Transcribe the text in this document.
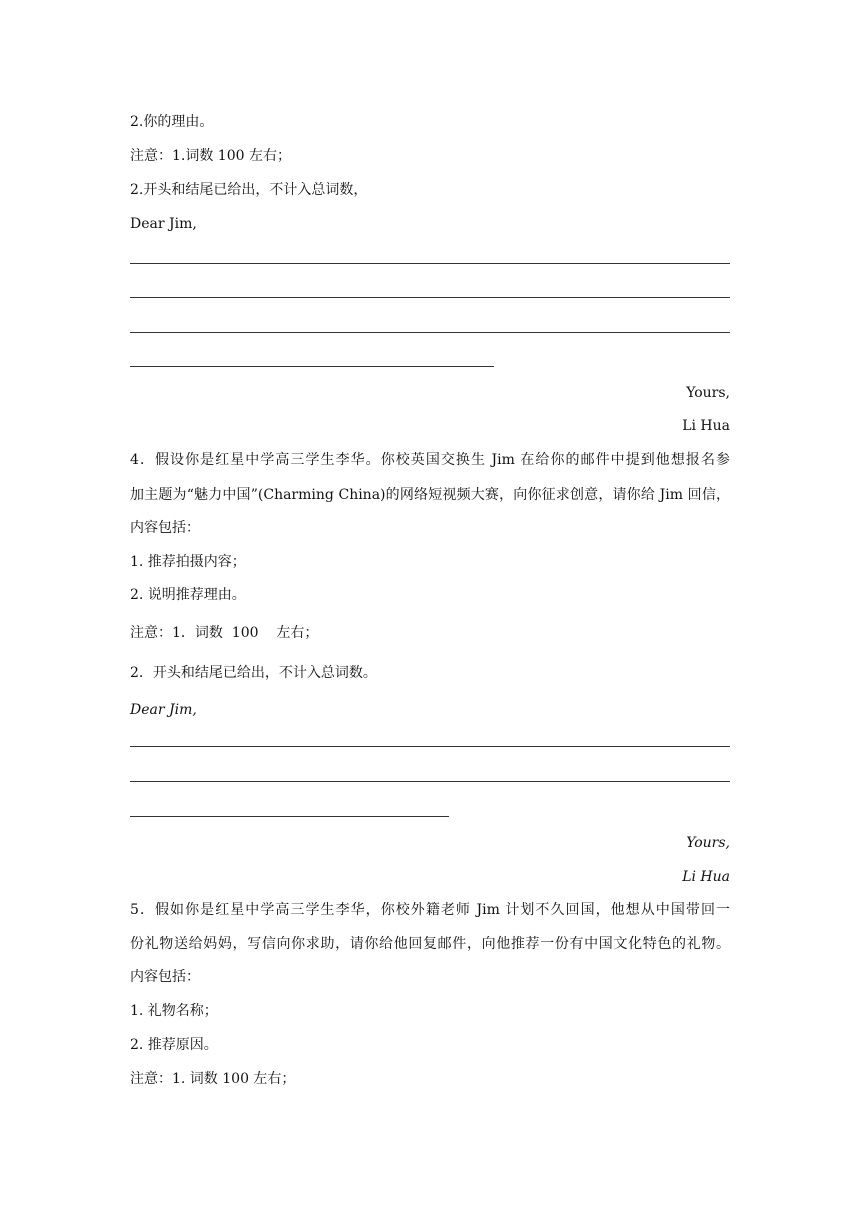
2.你的理由。
注意：1.词数 100 左右；
2.开头和结尾已给出，不计入总词数，
Dear Jim,
Yours,
Li Hua
4．假设你是红星中学高三学生李华。你校英国交换生 Jim 在给你的邮件中提到他想报名参
加主题为“魅力中国”(Charming China)的网络短视频大赛，向你征求创意，请你给 Jim 回信，
内容包括：
1. 推荐拍摄内容；
2. 说明推荐理由。
注意：1．词数  100    左右；
2．开头和结尾已给出，不计入总词数。
Dear Jim,
Yours,
Li Hua
5．假如你是红星中学高三学生李华，你校外籍老师 Jim 计划不久回国，他想从中国带回一
份礼物送给妈妈，写信向你求助，请你给他回复邮件，向他推荐一份有中国文化特色的礼物。
内容包括：
1. 礼物名称；
2. 推荐原因。
注意：1. 词数 100 左右；
